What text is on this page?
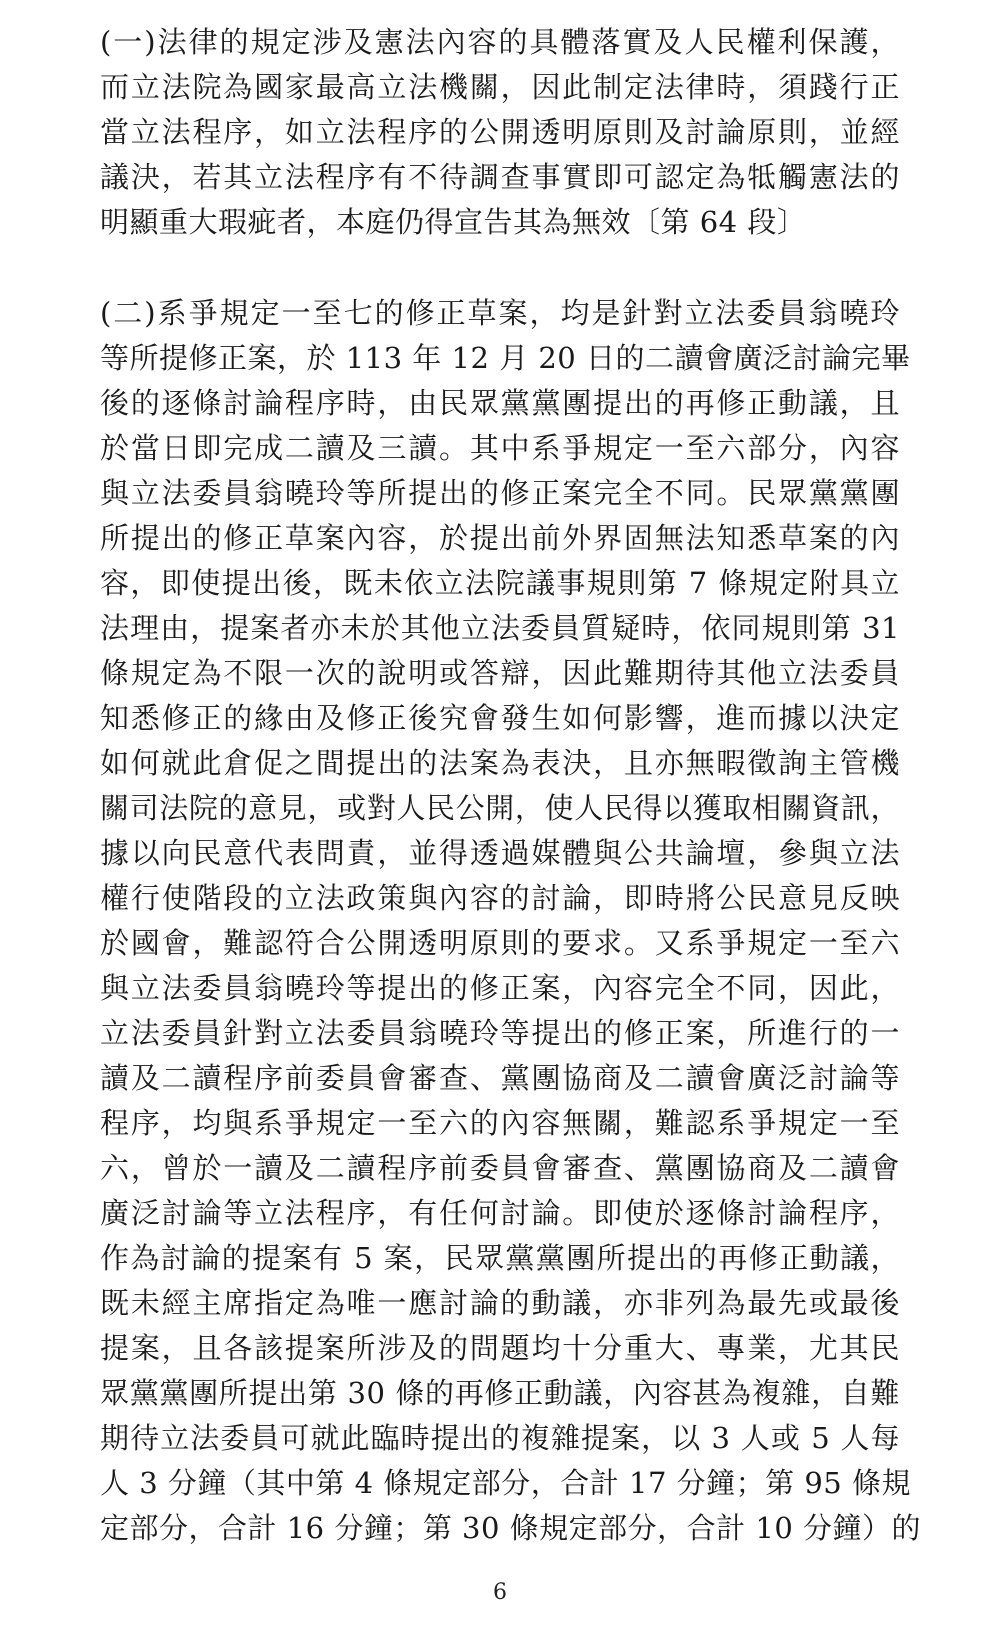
(一)法律的規定涉及憲法內容的具體落實及人民權利保護，
而立法院為國家最高立法機關，因此制定法律時，須踐行正
當立法程序，如立法程序的公開透明原則及討論原則，並經
議決，若其立法程序有不待調查事實即可認定為牴觸憲法的
明顯重大瑕疵者，本庭仍得宣告其為無效〔第 64 段〕
(二)系爭規定一至七的修正草案，均是針對立法委員翁曉玲
等所提修正案，於 113 年 12 月 20 日的二讀會廣泛討論完畢
後的逐條討論程序時，由民眾黨黨團提出的再修正動議，且
於當日即完成二讀及三讀。其中系爭規定一至六部分，內容
與立法委員翁曉玲等所提出的修正案完全不同。民眾黨黨團
所提出的修正草案內容，於提出前外界固無法知悉草案的內
容，即使提出後，既未依立法院議事規則第 7 條規定附具立
法理由，提案者亦未於其他立法委員質疑時，依同規則第 31
條規定為不限一次的說明或答辯，因此難期待其他立法委員
知悉修正的緣由及修正後究會發生如何影響，進而據以決定
如何就此倉促之間提出的法案為表決，且亦無暇徵詢主管機
關司法院的意見，或對人民公開，使人民得以獲取相關資訊，
據以向民意代表問責，並得透過媒體與公共論壇，參與立法
權行使階段的立法政策與內容的討論，即時將公民意見反映
於國會，難認符合公開透明原則的要求。又系爭規定一至六
與立法委員翁曉玲等提出的修正案，內容完全不同，因此，
立法委員針對立法委員翁曉玲等提出的修正案，所進行的一
讀及二讀程序前委員會審查、黨團協商及二讀會廣泛討論等
程序，均與系爭規定一至六的內容無關，難認系爭規定一至
六，曾於一讀及二讀程序前委員會審查、黨團協商及二讀會
廣泛討論等立法程序，有任何討論。即使於逐條討論程序，
作為討論的提案有 5 案，民眾黨黨團所提出的再修正動議，
既未經主席指定為唯一應討論的動議，亦非列為最先或最後
提案，且各該提案所涉及的問題均十分重大、專業，尤其民
眾黨黨團所提出第 30 條的再修正動議，內容甚為複雜，自難
期待立法委員可就此臨時提出的複雜提案，以 3 人或 5 人每
人 3 分鐘（其中第 4 條規定部分，合計 17 分鐘；第 95 條規
定部分，合計 16 分鐘；第 30 條規定部分，合計 10 分鐘）的
6
